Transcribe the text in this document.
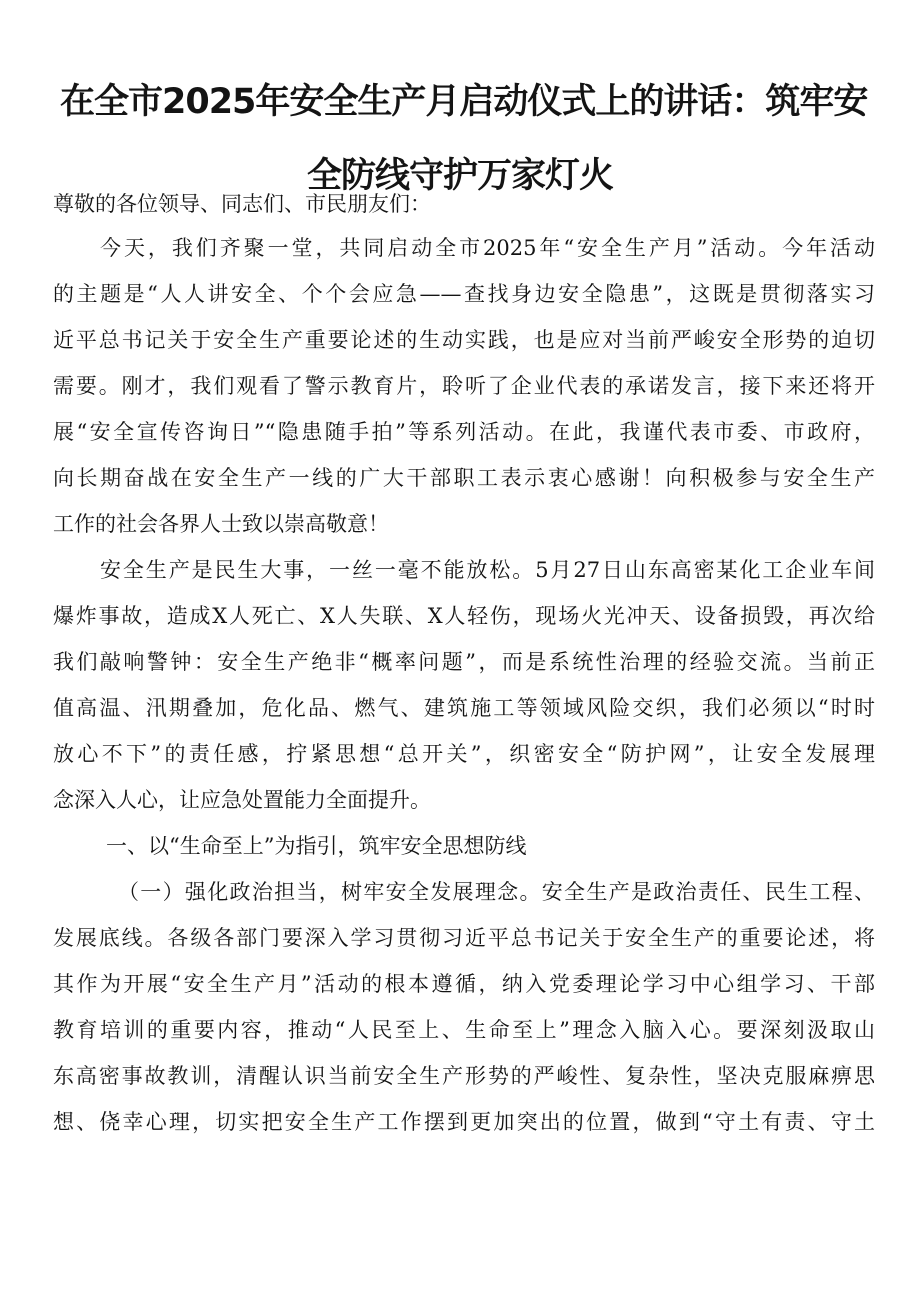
在全市2025年安全生产月启动仪式上的讲话：筑牢安
全防线守护万家灯火

尊敬的各位领导、同志们、市民朋友们：

今天，我们齐聚一堂，共同启动全市2025年“安全生产月”活动。今年活动

的主题是“人人讲安全、个个会应急——查找身边安全隐患”，这既是贯彻落实习

近平总书记关于安全生产重要论述的生动实践，也是应对当前严峻安全形势的迫切

需要。刚才，我们观看了警示教育片，聆听了企业代表的承诺发言，接下来还将开

展“安全宣传咨询日”“隐患随手拍”等系列活动。在此，我谨代表市委、市政府，

向长期奋战在安全生产一线的广大干部职工表示衷心感谢！向积极参与安全生产

工作的社会各界人士致以崇高敬意！

安全生产是民生大事，一丝一毫不能放松。5月27日山东高密某化工企业车间

爆炸事故，造成X人死亡、X人失联、X人轻伤，现场火光冲天、设备损毁，再次给

我们敲响警钟：安全生产绝非“概率问题”，而是系统性治理的经验交流。当前正

值高温、汛期叠加，危化品、燃气、建筑施工等领域风险交织，我们必须以“时时

放心不下”的责任感，拧紧思想“总开关”，织密安全“防护网”，让安全发展理

念深入人心，让应急处置能力全面提升。

一、以“生命至上”为指引，筑牢安全思想防线

（一）强化政治担当，树牢安全发展理念。安全生产是政治责任、民生工程、

发展底线。各级各部门要深入学习贯彻习近平总书记关于安全生产的重要论述，将

其作为开展“安全生产月”活动的根本遵循，纳入党委理论学习中心组学习、干部

教育培训的重要内容，推动“人民至上、生命至上”理念入脑入心。要深刻汲取山

东高密事故教训，清醒认识当前安全生产形势的严峻性、复杂性，坚决克服麻痹思

想、侥幸心理，切实把安全生产工作摆到更加突出的位置，做到“守土有责、守土
